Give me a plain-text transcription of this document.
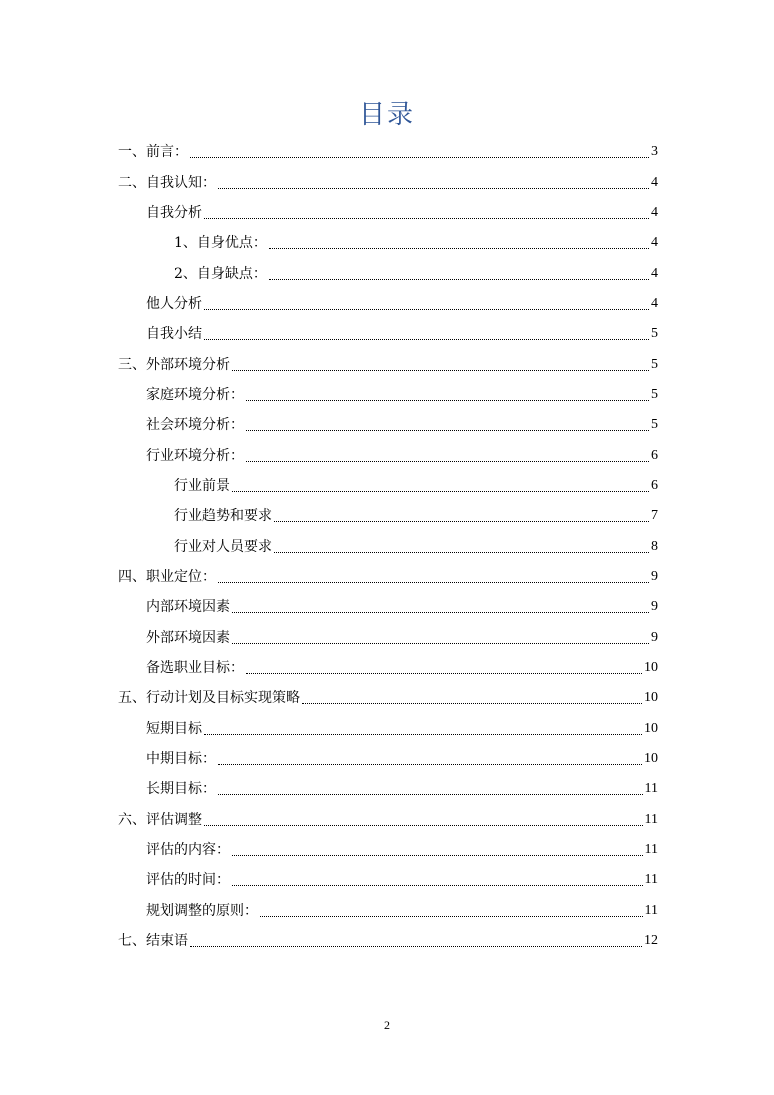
目录
一、前言：	3
二、自我认知：	4
自我分析	4
1、自身优点：	4
2、自身缺点：	4
他人分析	4
自我小结	5
三、外部环境分析	5
家庭环境分析：	5
社会环境分析：	5
行业环境分析：	6
行业前景	6
行业趋势和要求	7
行业对人员要求	8
四、职业定位：	9
内部环境因素	9
外部环境因素	9
备选职业目标：	10
五、行动计划及目标实现策略	10
短期目标	10
中期目标：	10
长期目标：	11
六、评估调整	11
评估的内容：	11
评估的时间：	11
规划调整的原则：	11
七、结束语	12
2
